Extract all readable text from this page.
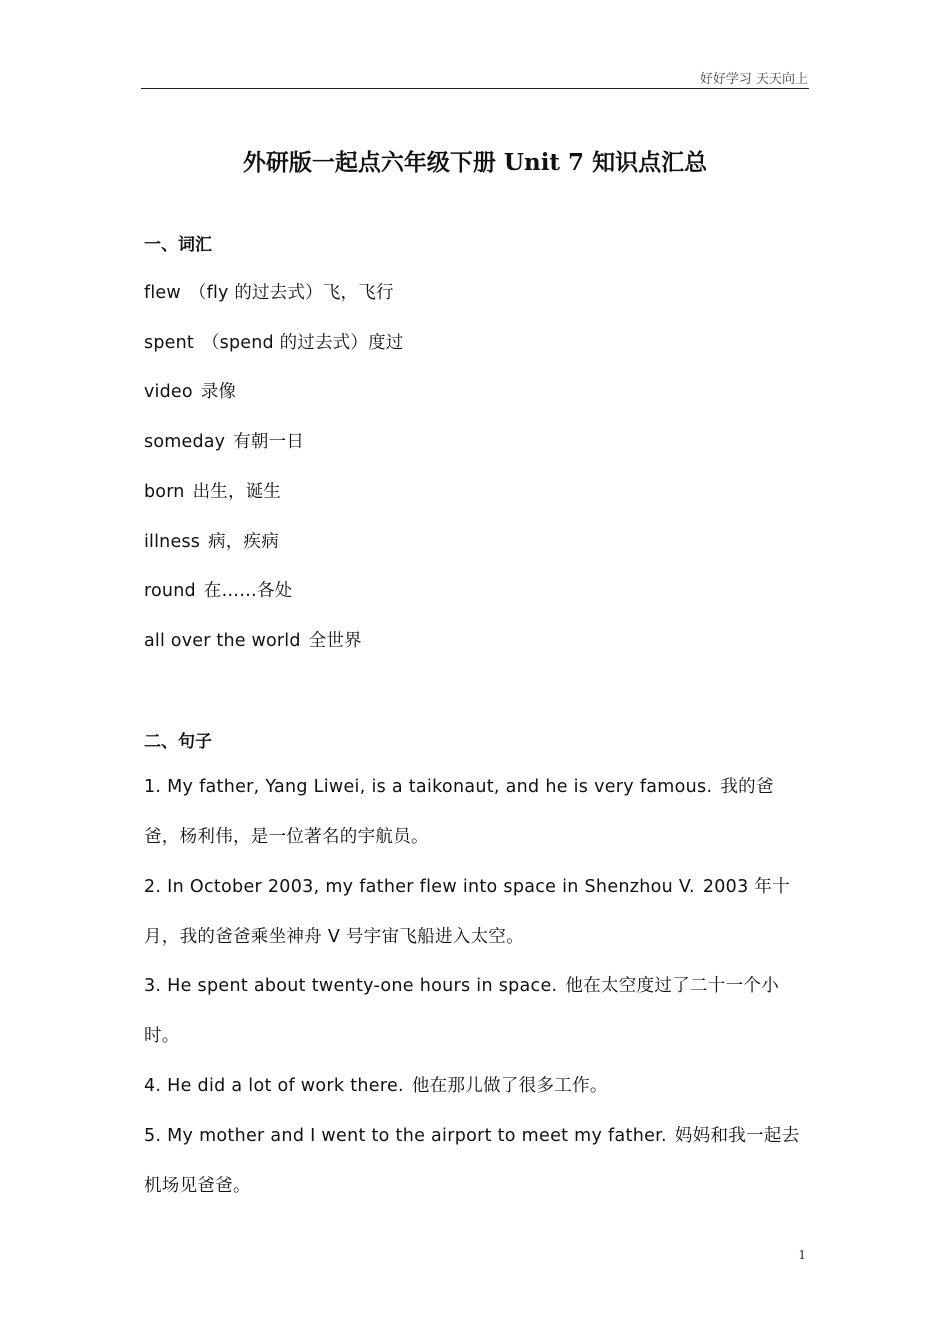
好好学习 天天向上
外研版一起点六年级下册 Unit 7 知识点汇总
一、词汇
flew （fly 的过去式）飞，飞行
spent （spend 的过去式）度过
video 录像
someday 有朝一日
born 出生，诞生
illness 病，疾病
round 在……各处
all over the world 全世界
二、句子
1. My father, Yang Liwei, is a taikonaut, and he is very famous. 我的爸爸，杨利伟，是一位著名的宇航员。
2. In October 2003, my father flew into space in Shenzhou V. 2003 年十月，我的爸爸乘坐神舟 V 号宇宙飞船进入太空。
3. He spent about twenty-one hours in space. 他在太空度过了二十一个小时。
4. He did a lot of work there. 他在那儿做了很多工作。
5. My mother and I went to the airport to meet my father. 妈妈和我一起去机场见爸爸。
1
